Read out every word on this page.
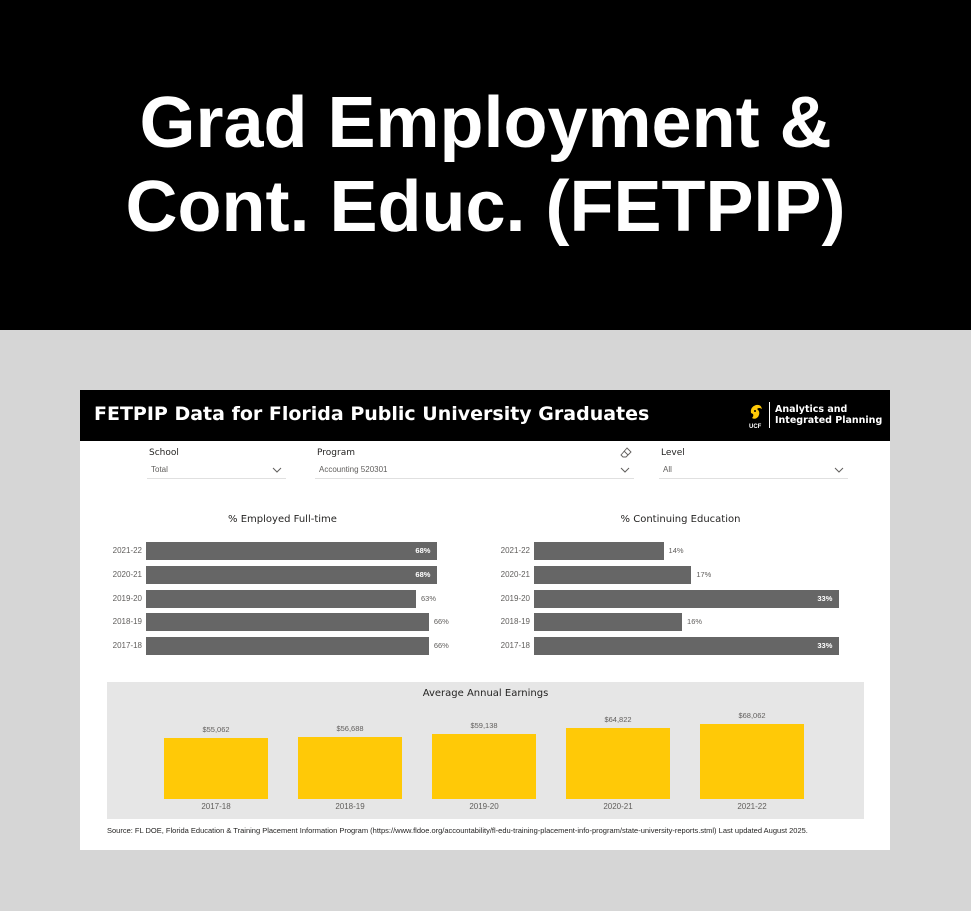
Grad Employment &
Cont. Educ. (FETPIP)
FETPIP Data for Florida Public University Graduates
UCF
Analytics and
Integrated Planning
School
Total
Program
Accounting 520301
Level
All
% Employed Full-time
2021-22	68%
2020-21	68%
2019-20	63%
2018-19	66%
2017-18	66%
% Continuing Education
2021-22	14%
2020-21	17%
2019-20	33%
2018-19	16%
2017-18	33%
Average Annual Earnings
$55,062
2017-18
$56,688
2018-19
$59,138
2019-20
$64,822
2020-21
$68,062
2021-22
Source: FL DOE, Florida Education & Training Placement Information Program (https://www.fldoe.org/accountability/fl-edu-training-placement-info-program/state-university-reports.stml) Last updated August 2025.
